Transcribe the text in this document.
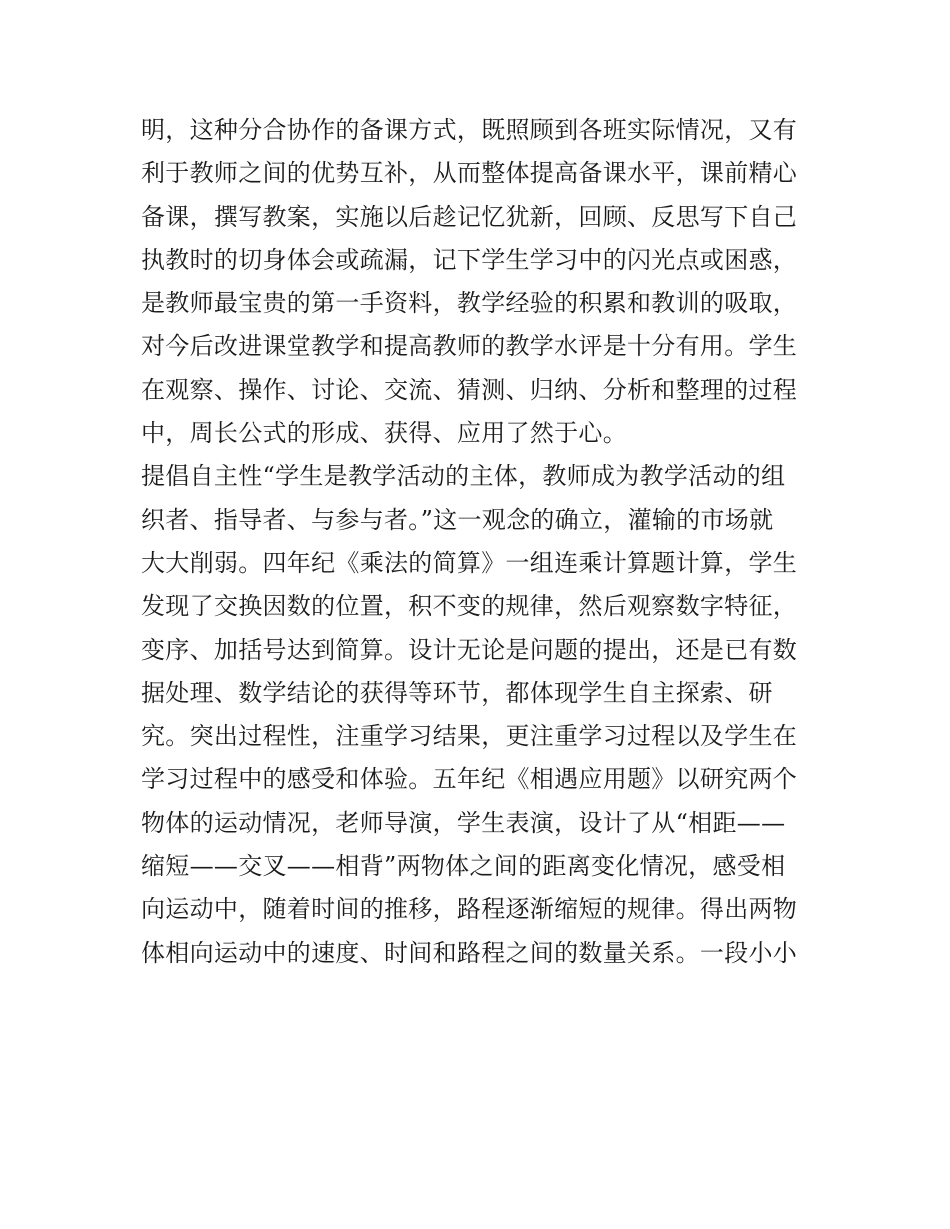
明，这种分合协作的备课方式，既照顾到各班实际情况，又有
利于教师之间的优势互补，从而整体提高备课水平，课前精心
备课，撰写教案，实施以后趁记忆犹新，回顾、反思写下自己
执教时的切身体会或疏漏，记下学生学习中的闪光点或困惑，
是教师最宝贵的第一手资料，教学经验的积累和教训的吸取，
对今后改进课堂教学和提高教师的教学水评是十分有用。学生
在观察、操作、讨论、交流、猜测、归纳、分析和整理的过程
中，周长公式的形成、获得、应用了然于心。
提倡自主性“学生是教学活动的主体，教师成为教学活动的组
织者、指导者、与参与者。”这一观念的确立，灌输的市场就
大大削弱。四年纪《乘法的简算》一组连乘计算题计算，学生
发现了交换因数的位置，积不变的规律，然后观察数字特征，
变序、加括号达到简算。设计无论是问题的提出，还是已有数
据处理、数学结论的获得等环节，都体现学生自主探索、研
究。突出过程性，注重学习结果，更注重学习过程以及学生在
学习过程中的感受和体验。五年纪《相遇应用题》以研究两个
物体的运动情况，老师导演，学生表演，设计了从“相距——
缩短——交叉——相背”两物体之间的距离变化情况，感受相
向运动中，随着时间的推移，路程逐渐缩短的规律。得出两物
体相向运动中的速度、时间和路程之间的数量关系。一段小小
